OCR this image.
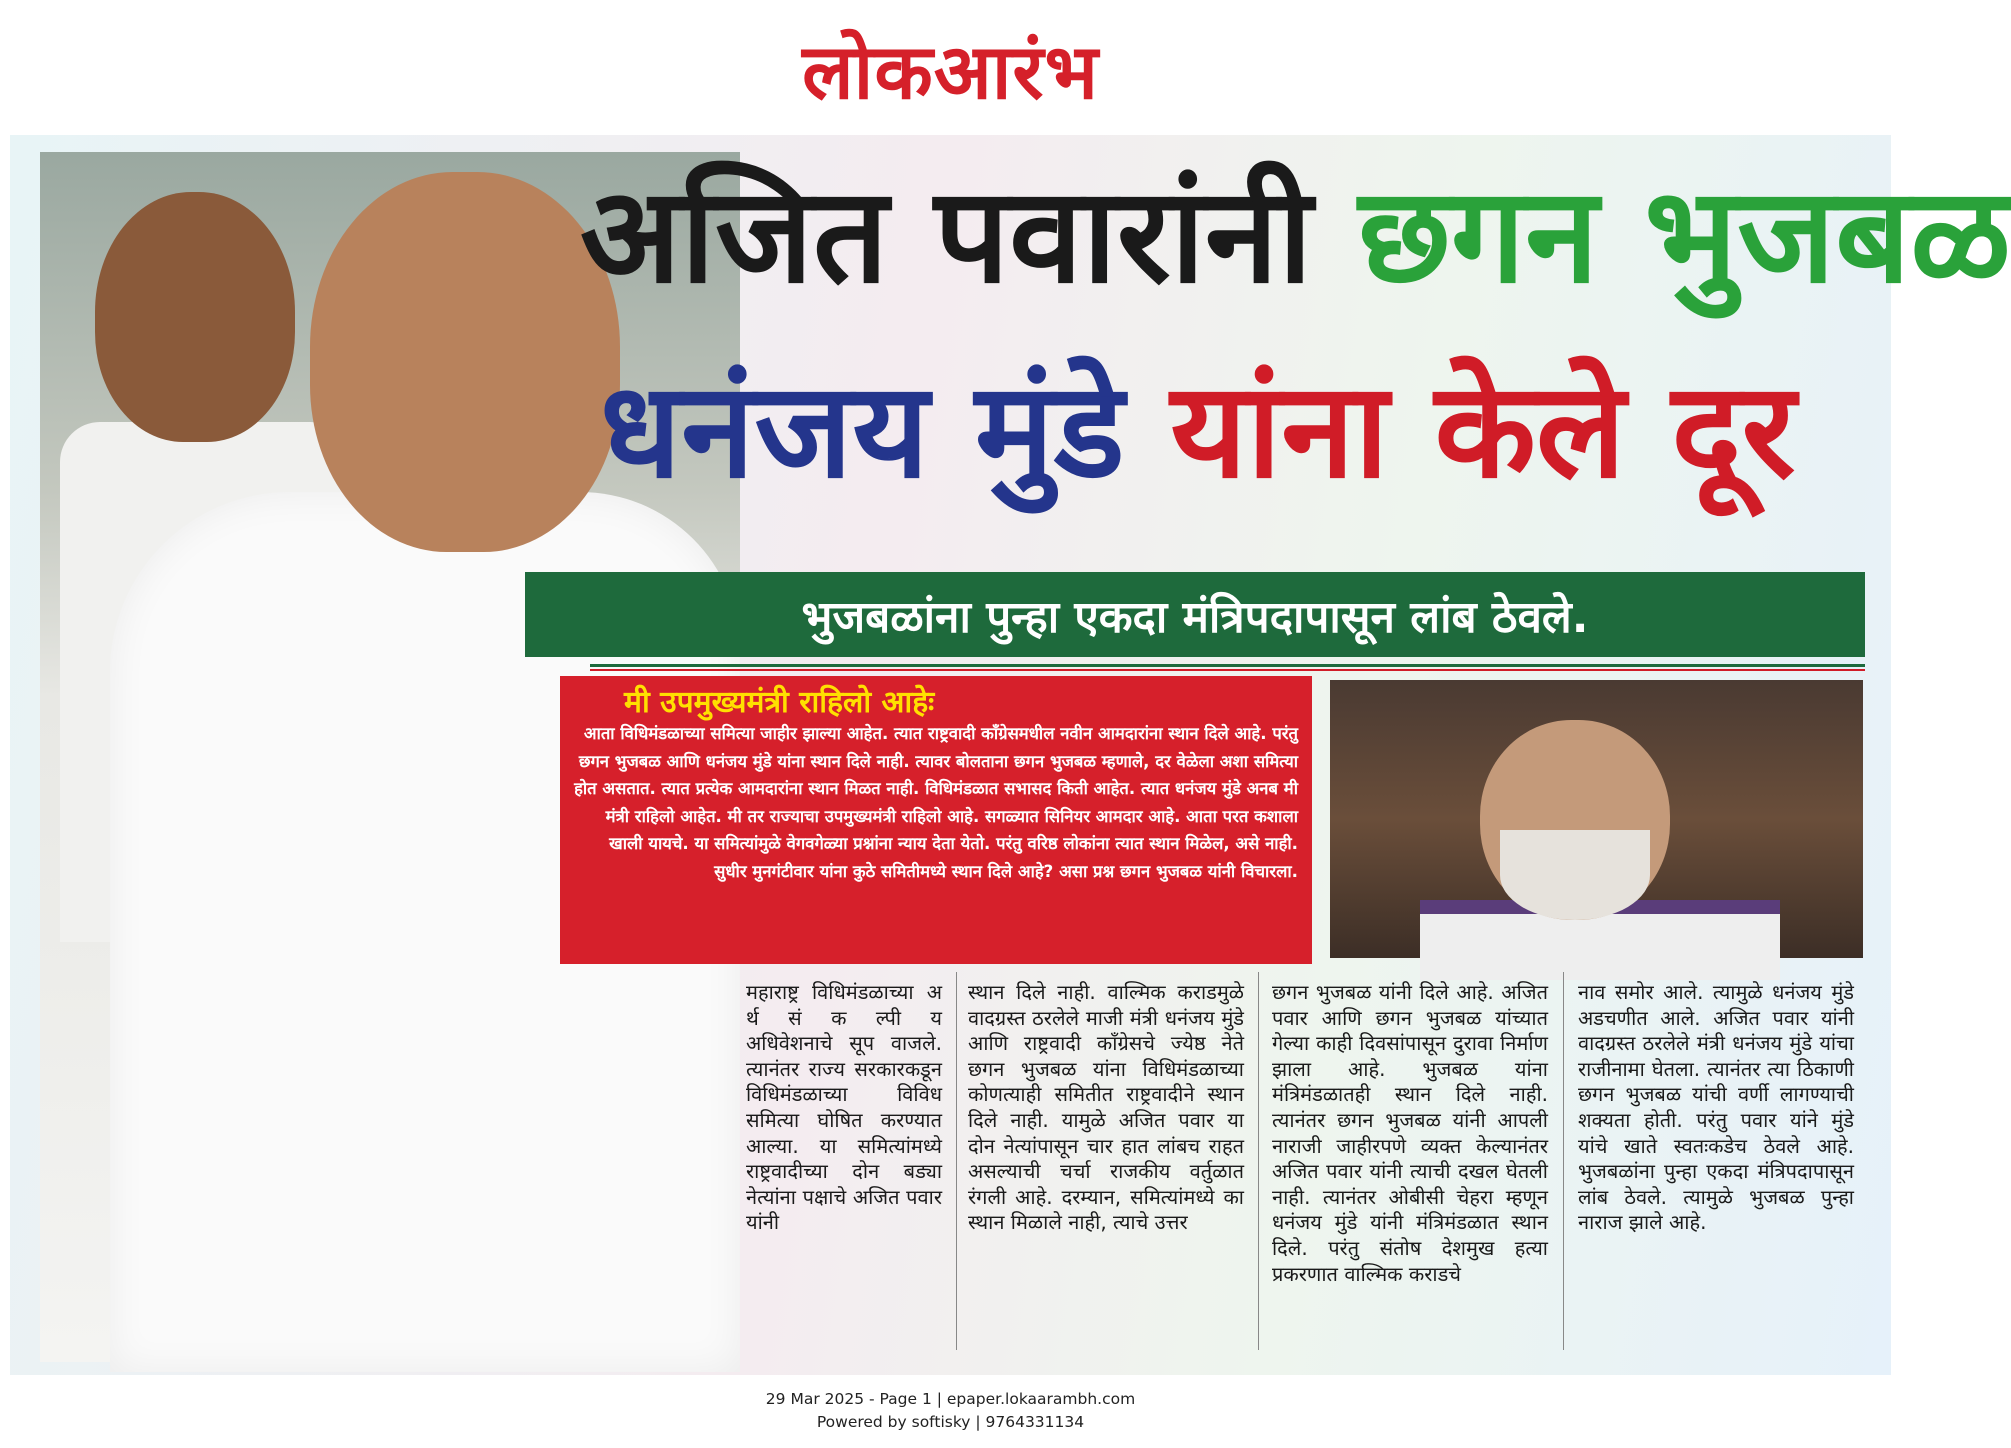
लोकआरंभ
अजित पवारांनी छगन भुजबळ
धनंजय मुंडे यांना केले दूर
भुजबळांना पुन्हा एकदा मंत्रिपदापासून लांब ठेवले.
मी उपमुख्यमंत्री राहिलो आहेः
आता विधिमंडळाच्या समित्या जाहीर झाल्या आहेत. त्यात राष्ट्रवादी काँग्रेसमधील नवीन आमदारांना स्थान दिले आहे. परंतु छगन भुजबळ आणि धनंजय मुंडे यांना स्थान दिले नाही. त्यावर बोलताना छगन भुजबळ म्हणाले, दर वेळेला अशा समित्या होत असतात. त्यात प्रत्येक आमदारांना स्थान मिळत नाही. विधिमंडळात सभासद किती आहेत. त्यात धनंजय मुंडे अनब मी मंत्री राहिलो आहेत. मी तर राज्याचा उपमुख्यमंत्री राहिलो आहे. सगळ्यात सिनियर आमदार आहे. आता परत कशाला खाली यायचे. या समित्यांमुळे वेगवगेळ्या प्रश्नांना न्याय देता येतो. परंतु वरिष्ठ लोकांना त्यात स्थान मिळेल, असे नाही. सुधीर मुनगंटीवार यांना कुठे समितीमध्ये स्थान दिले आहे? असा प्रश्न छगन भुजबळ यांनी विचारला.
महाराष्ट्र विधिमंडळाच्या अ र्थ सं क ल्पी य अधिवेशनाचे सूप वाजले. त्यानंतर राज्य सरकारकडून विधिमंडळाच्या विविध समित्या घोषित करण्यात आल्या. या समित्यांमध्ये राष्ट्रवादीच्या दोन बड्या नेत्यांना पक्षाचे अजित पवार यांनी
स्थान दिले नाही. वाल्मिक कराडमुळे वादग्रस्त ठरलेले माजी मंत्री धनंजय मुंडे आणि राष्ट्रवादी काँग्रेसचे ज्येष्ठ नेते छगन भुजबळ यांना विधिमंडळाच्या कोणत्याही समितीत राष्ट्रवादीने स्थान दिले नाही. यामुळे अजित पवार या दोन नेत्यांपासून चार हात लांबच राहत असल्याची चर्चा राजकीय वर्तुळात रंगली आहे. दरम्यान, समित्यांमध्ये का स्थान मिळाले नाही, त्याचे उत्तर
छगन भुजबळ यांनी दिले आहे. अजित पवार आणि छगन भुजबळ यांच्यात गेल्या काही दिवसांपासून दुरावा निर्माण झाला आहे. भुजबळ यांना मंत्रिमंडळातही स्थान दिले नाही. त्यानंतर छगन भुजबळ यांनी आपली नाराजी जाहीरपणे व्यक्त केल्यानंतर अजित पवार यांनी त्याची दखल घेतली नाही. त्यानंतर ओबीसी चेहरा म्हणून धनंजय मुंडे यांनी मंत्रिमंडळात स्थान दिले. परंतु संतोष देशमुख हत्या प्रकरणात वाल्मिक कराडचे
नाव समोर आले. त्यामुळे धनंजय मुंडे अडचणीत आले. अजित पवार यांनी वादग्रस्त ठरलेले मंत्री धनंजय मुंडे यांचा राजीनामा घेतला. त्यानंतर त्या ठिकाणी छगन भुजबळ यांची वर्णी लागण्याची शक्यता होती. परंतु पवार यांने मुंडे यांचे खाते स्वतःकडेच ठेवले आहे. भुजबळांना पुन्हा एकदा मंत्रिपदापासून लांब ठेवले. त्यामुळे भुजबळ पुन्हा नाराज झाले आहे.
29 Mar 2025 - Page 1 | epaper.lokaarambh.com
Powered by softisky | 9764331134
